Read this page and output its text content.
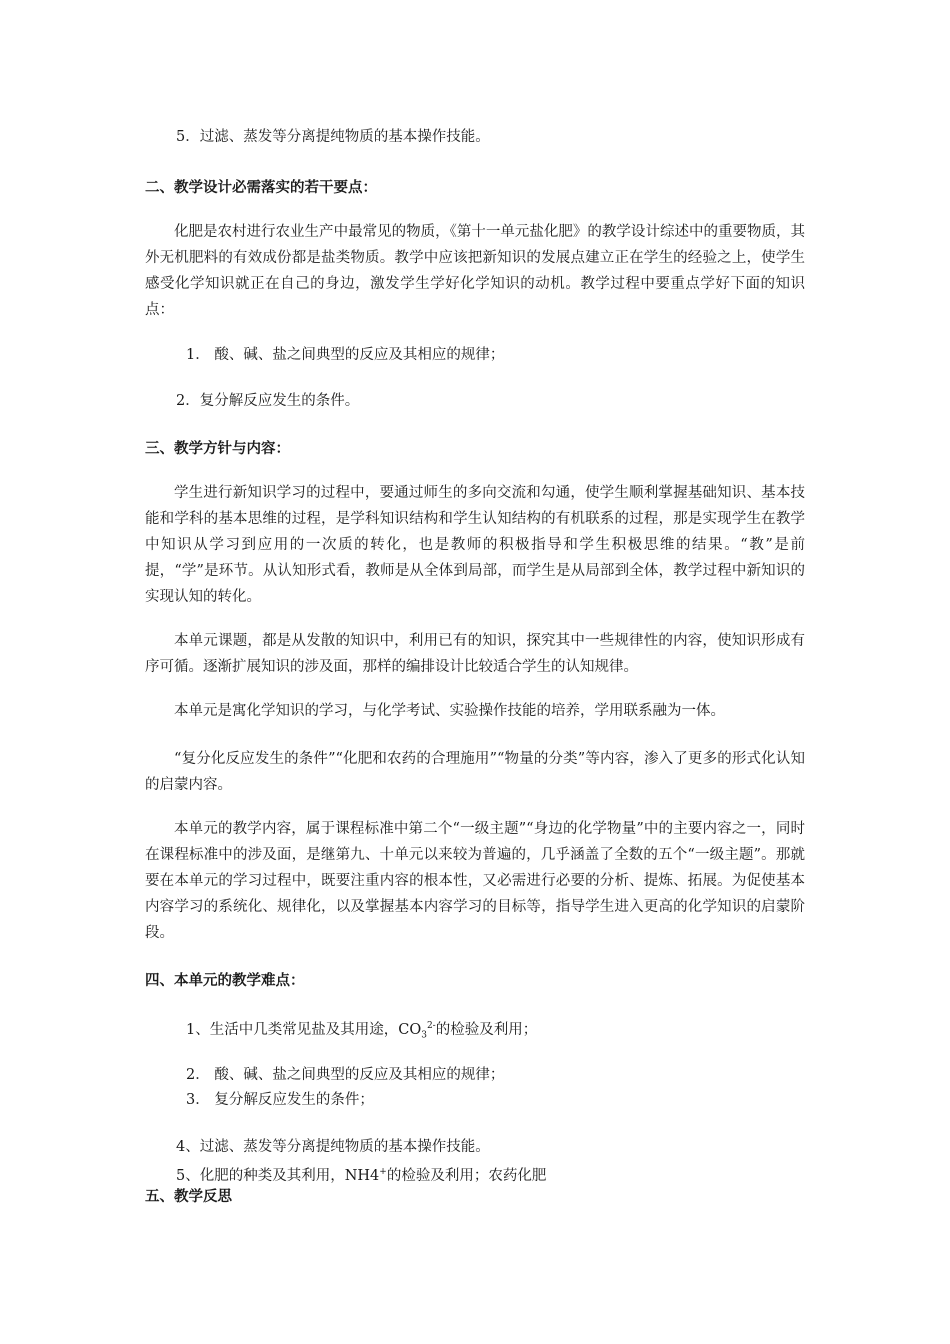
5．过滤、蒸发等分离提纯物质的基本操作技能。
二、教学设计必需落实的若干要点：
化肥是农村进行农业生产中最常见的物质，《第十一单元盐化肥》的教学设计综述中的重要物质，其外无机肥料的有效成份都是盐类物质。教学中应该把新知识的发展点建立正在学生的经验之上，使学生感受化学知识就正在自己的身边，激发学生学好化学知识的动机。教学过程中要重点学好下面的知识点：
1． 酸、碱、盐之间典型的反应及其相应的规律；
2．复分解反应发生的条件。
三、教学方针与内容：
学生进行新知识学习的过程中，要通过师生的多向交流和勾通，使学生顺利掌握基础知识、基本技能和学科的基本思维的过程，是学科知识结构和学生认知结构的有机联系的过程，那是实现学生在教学中知识从学习到应用的一次质的转化，也是教师的积极指导和学生积极思维的结果。“教”是前提，“学”是环节。从认知形式看，教师是从全体到局部，而学生是从局部到全体，教学过程中新知识的实现认知的转化。
本单元课题，都是从发散的知识中，利用已有的知识，探究其中一些规律性的内容，使知识形成有序可循。逐渐扩展知识的涉及面，那样的编排设计比较适合学生的认知规律。
本单元是寓化学知识的学习，与化学考试、实验操作技能的培养，学用联系融为一体。
“复分化反应发生的条件”“化肥和农药的合理施用”“物量的分类”等内容，渗入了更多的形式化认知的启蒙内容。
本单元的教学内容，属于课程标准中第二个“一级主题”“身边的化学物量”中的主要内容之一，同时在课程标准中的涉及面，是继第九、十单元以来较为普遍的，几乎涵盖了全数的五个“一级主题”。那就要在本单元的学习过程中，既要注重内容的根本性，又必需进行必要的分析、提炼、拓展。为促使基本内容学习的系统化、规律化，以及掌握基本内容学习的目标等，指导学生进入更高的化学知识的启蒙阶段。
四、本单元的教学难点：
1、生活中几类常见盐及其用途，$CO_3^{2-}$的检验及利用；
2． 酸、碱、盐之间典型的反应及其相应的规律；
3． 复分解反应发生的条件；
4、过滤、蒸发等分离提纯物质的基本操作技能。
5、化肥的种类及其利用，NH4+的检验及利用；农药化肥
五、教学反思
